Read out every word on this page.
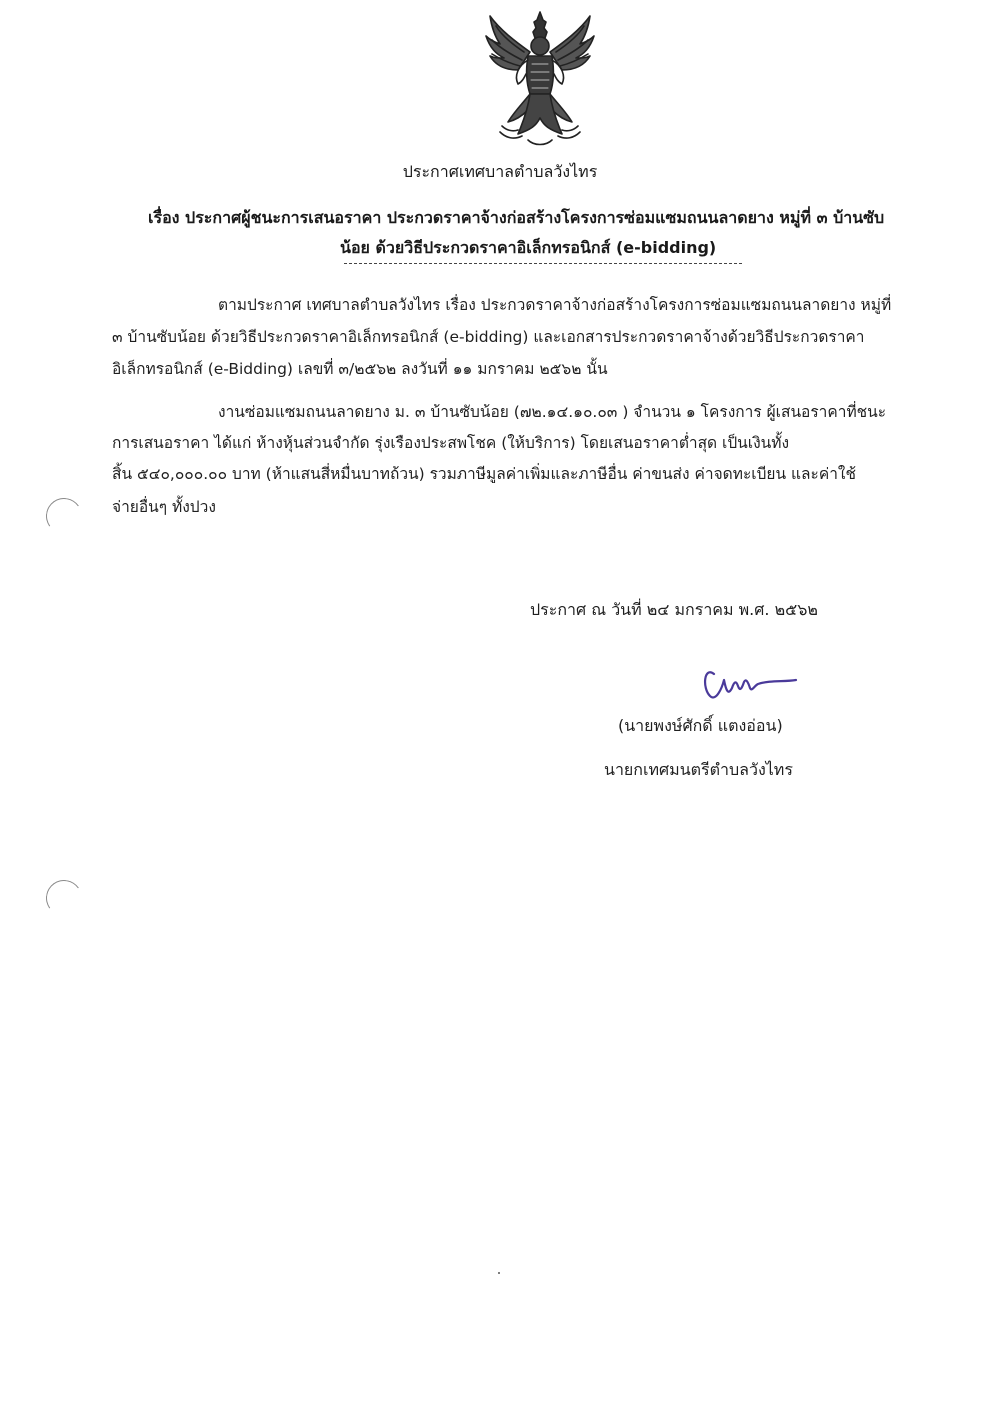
ประกาศเทศบาลตำบลวังไทร
เรื่อง ประกาศผู้ชนะการเสนอราคา ประกวดราคาจ้างก่อสร้างโครงการซ่อมแซมถนนลาดยาง หมู่ที่ ๓ บ้านซับ
น้อย ด้วยวิธีประกวดราคาอิเล็กทรอนิกส์ (e-bidding)
ตามประกาศ เทศบาลตำบลวังไทร เรื่อง ประกวดราคาจ้างก่อสร้างโครงการซ่อมแซมถนนลาดยาง หมู่ที่
๓ บ้านซับน้อย ด้วยวิธีประกวดราคาอิเล็กทรอนิกส์ (e-bidding) และเอกสารประกวดราคาจ้างด้วยวิธีประกวดราคา
อิเล็กทรอนิกส์ (e-Bidding) เลขที่ ๓/๒๕๖๒ ลงวันที่ ๑๑ มกราคม ๒๕๖๒ นั้น
งานซ่อมแซมถนนลาดยาง ม. ๓ บ้านซับน้อย (๗๒.๑๔.๑๐.๐๓ ) จำนวน ๑ โครงการ ผู้เสนอราคาที่ชนะ
การเสนอราคา ได้แก่ ห้างหุ้นส่วนจำกัด รุ่งเรืองประสพโชค (ให้บริการ) โดยเสนอราคาต่ำสุด เป็นเงินทั้ง
สิ้น ๕๔๐,๐๐๐.๐๐ บาท (ห้าแสนสี่หมื่นบาทถ้วน) รวมภาษีมูลค่าเพิ่มและภาษีอื่น ค่าขนส่ง ค่าจดทะเบียน และค่าใช้
จ่ายอื่นๆ ทั้งปวง
ประกาศ ณ วันที่ ๒๔ มกราคม พ.ศ. ๒๕๖๒
(นายพงษ์ศักดิ์ แตงอ่อน)
นายกเทศมนตรีตำบลวังไทร
